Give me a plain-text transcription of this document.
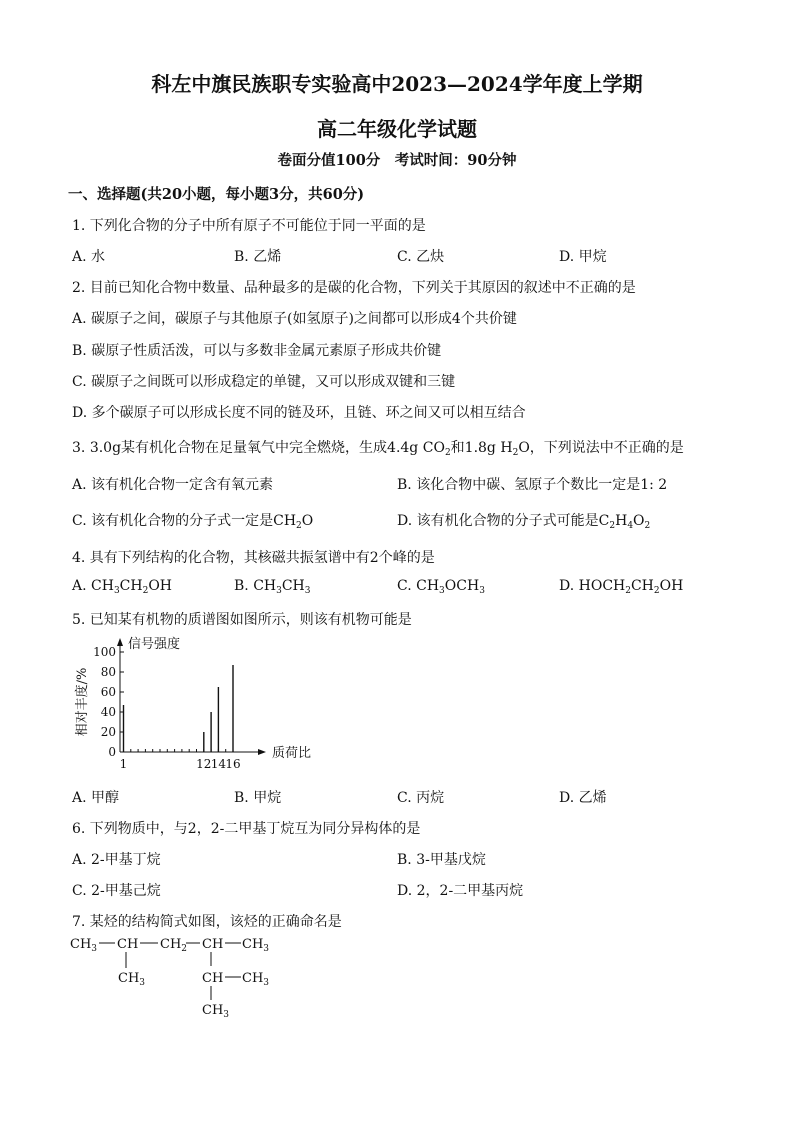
科左中旗民族职专实验高中2023—2024学年度上学期
高二年级化学试题
卷面分值100分　考试时间：90分钟
一、选择题(共20小题，每小题3分，共60分)
1. 下列化合物的分子中所有原子不可能位于同一平面的是
A. 水	B. 乙烯	C. 乙炔	D. 甲烷
2. 目前已知化合物中数量、品种最多的是碳的化合物，下列关于其原因的叙述中不正确的是
A. 碳原子之间，碳原子与其他原子(如氢原子)之间都可以形成4个共价键
B. 碳原子性质活泼，可以与多数非金属元素原子形成共价键
C. 碳原子之间既可以形成稳定的单键，又可以形成双键和三键
D. 多个碳原子可以形成长度不同的链及环，且链、环之间又可以相互结合
3. 3.0g某有机化合物在足量氧气中完全燃烧，生成4.4g $CO_2$和1.8g $H_2O$，下列说法中不正确的是
A. 该有机化合物一定含有氧元素	B. 该化合物中碳、氢原子个数比一定是1: 2
C. 该有机化合物的分子式一定是$CH_2O$	D. 该有机化合物的分子式可能是$C_2H_4O_2$
4. 具有下列结构的化合物，其核磁共振氢谱中有2个峰的是
A. $CH_3CH_2OH$	B. $CH_3CH_3$	C. $CH_3OCH_3$	D. $HOCH_2CH_2OH$
5. 已知某有机物的质谱图如图所示，则该有机物可能是
0
20
40
60
80
100
1	12 14 16
质荷比
信号强度
相对丰度/%
A. 甲醇	B. 甲烷	C. 丙烷	D. 乙烯
6. 下列物质中，与2，2-二甲基丁烷互为同分异构体的是
A. 2-甲基丁烷	B. 3-甲基戊烷
C. 2-甲基己烷	D. 2，2-二甲基丙烷
7. 某烃的结构简式如图，该烃的正确命名是
$CH_3$ CH $CH_2$ CH $CH_3$
$CH_3$	CH $CH_3$
$CH_3$
